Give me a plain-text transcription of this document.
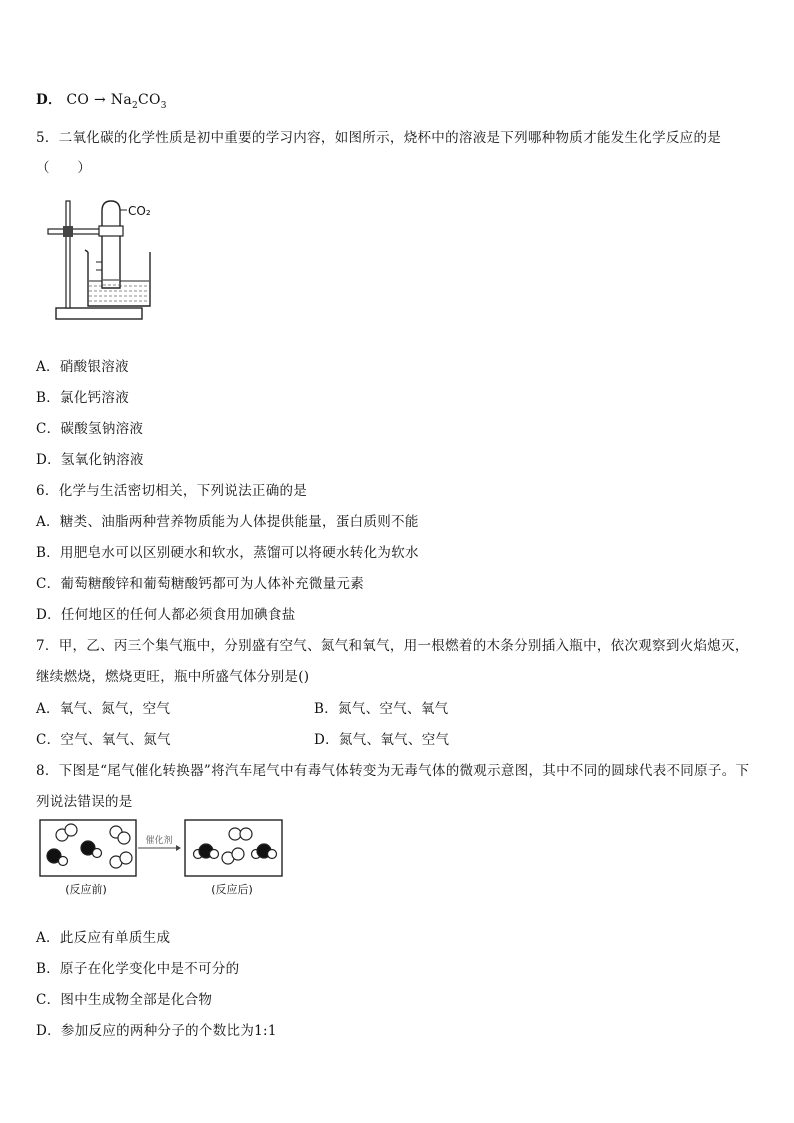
D． CO → $Na_2CO_3$
5．二氧化碳的化学性质是初中重要的学习内容，如图所示，烧杯中的溶液是下列哪种物质才能发生化学反应的是
（　　）
CO₂
A．硝酸银溶液
B．氯化钙溶液
C．碳酸氢钠溶液
D．氢氧化钠溶液
6．化学与生活密切相关，下列说法正确的是
A．糖类、油脂两种营养物质能为人体提供能量，蛋白质则不能
B．用肥皂水可以区别硬水和软水，蒸馏可以将硬水转化为软水
C．葡萄糖酸锌和葡萄糖酸钙都可为人体补充微量元素
D．任何地区的任何人都必须食用加碘食盐
7．甲，乙、丙三个集气瓶中，分别盛有空气、氮气和氧气，用一根燃着的木条分别插入瓶中，依次观察到火焰熄灭，
继续燃烧，燃烧更旺，瓶中所盛气体分别是()
A．氧气、氮气，空气	B．氮气、空气、氧气
C．空气、氧气、氮气	D．氮气、氧气、空气
8．下图是“尾气催化转换器”将汽车尾气中有毒气体转变为无毒气体的微观示意图，其中不同的圆球代表不同原子。下
列说法错误的是
催化剂
(反应前)	(反应后)
A．此反应有单质生成
B．原子在化学变化中是不可分的
C．图中生成物全部是化合物
D．参加反应的两种分子的个数比为1:1
